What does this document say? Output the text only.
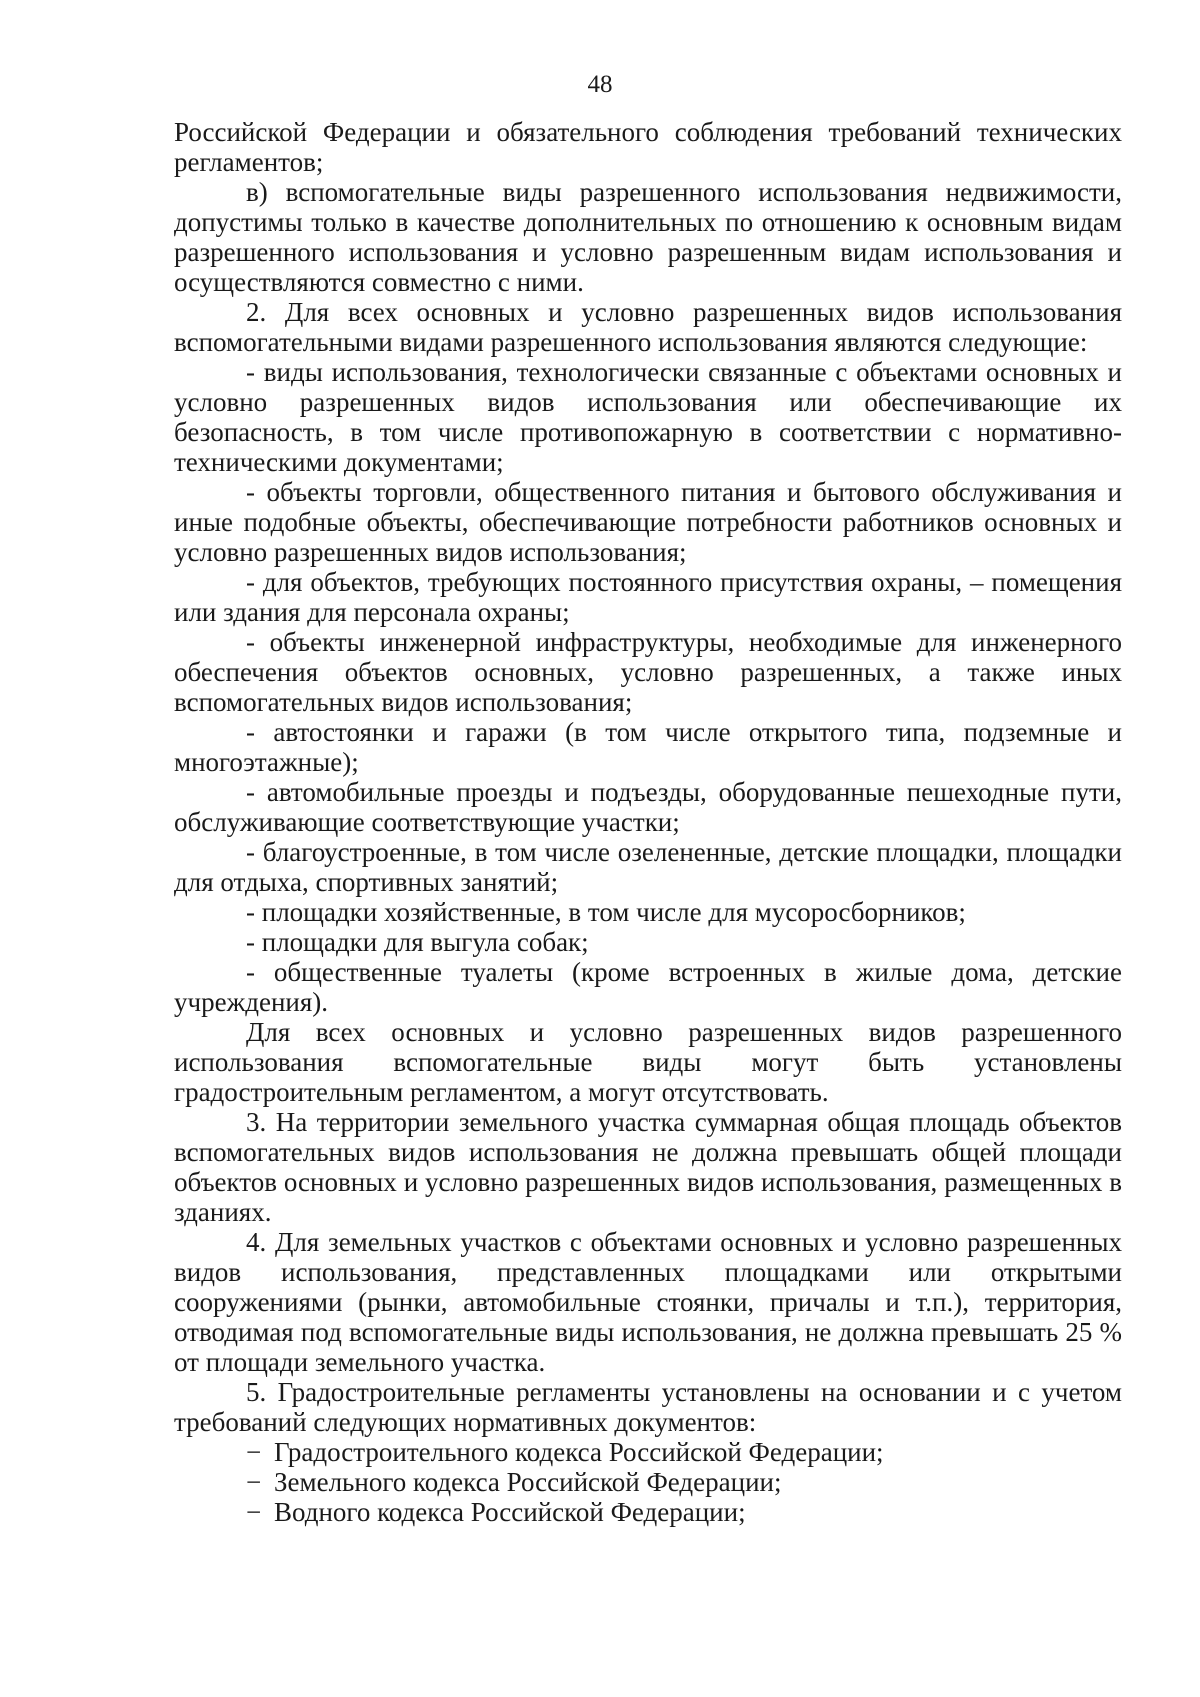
48

Российской Федерации и обязательного соблюдения требований технических регламентов;

в) вспомогательные виды разрешенного использования недвижимости, допустимы только в качестве дополнительных по отношению к основным видам разрешенного использования и условно разрешенным видам использования и осуществляются совместно с ними.

2. Для всех основных и условно разрешенных видов использования вспомогательными видами разрешенного использования являются следующие:

- виды использования, технологически связанные с объектами основных и условно разрешенных видов использования или обеспечивающие их безопасность, в том числе противопожарную в соответствии с нормативно-техническими документами;

- объекты торговли, общественного питания и бытового обслуживания и иные подобные объекты, обеспечивающие потребности работников основных и условно разрешенных видов использования;

- для объектов, требующих постоянного присутствия охраны, – помещения или здания для персонала охраны;

- объекты инженерной инфраструктуры, необходимые для инженерного обеспечения объектов основных, условно разрешенных, а также иных вспомогательных видов использования;

- автостоянки и гаражи (в том числе открытого типа, подземные и многоэтажные);

- автомобильные проезды и подъезды, оборудованные пешеходные пути, обслуживающие соответствующие участки;

- благоустроенные, в том числе озелененные, детские площадки, площадки для отдыха, спортивных занятий;

- площадки хозяйственные, в том числе для мусоросборников;

- площадки для выгула собак;

- общественные туалеты (кроме встроенных в жилые дома, детские учреждения).

Для всех основных и условно разрешенных видов разрешенного использования вспомогательные виды могут быть установлены градостроительным регламентом, а могут отсутствовать.

3. На территории земельного участка суммарная общая площадь объектов вспомогательных видов использования не должна превышать общей площади объектов основных и условно разрешенных видов использования, размещенных в зданиях.

4. Для земельных участков с объектами основных и условно разрешенных видов использования, представленных площадками или открытыми сооружениями (рынки, автомобильные стоянки, причалы и т.п.), территория, отводимая под вспомогательные виды использования, не должна превышать 25 % от площади земельного участка.

5. Градостроительные регламенты установлены на основании и с учетом требований следующих нормативных документов:

− Градостроительного кодекса Российской Федерации;

− Земельного кодекса Российской Федерации;

− Водного кодекса Российской Федерации;
